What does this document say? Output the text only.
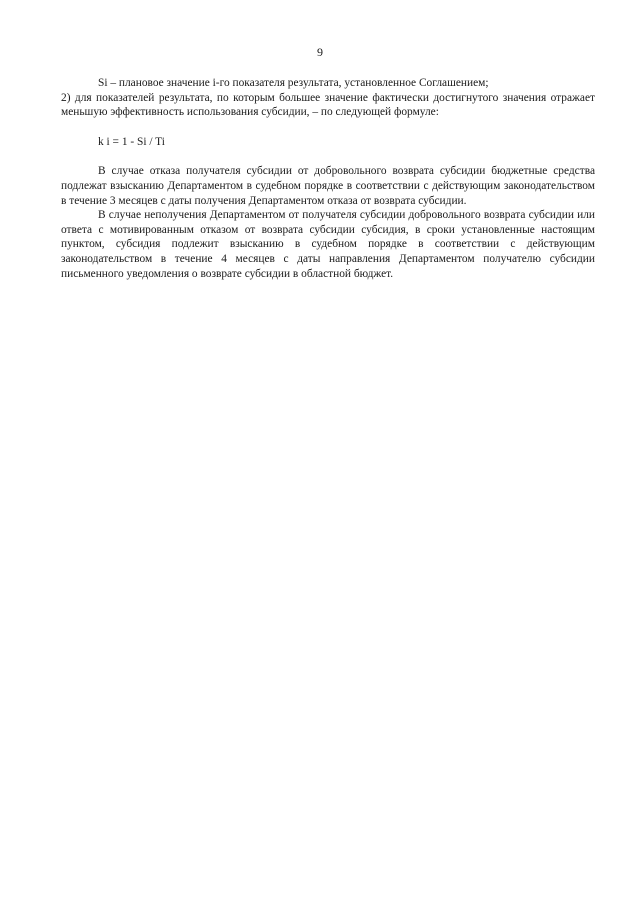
9

Si – плановое значение i-го показателя результата, установленное Соглашением;

2) для показателей результата, по которым большее значение фактически достигнутого значения отражает меньшую эффективность использования субсидии, – по следующей формуле:

k i = 1 - Si / Ti

В случае отказа получателя субсидии от добровольного возврата субсидии бюджетные средства подлежат взысканию Департаментом в судебном порядке в соответствии с действующим законодательством в течение 3 месяцев с даты получения Департаментом отказа от возврата субсидии.

В случае неполучения Департаментом от получателя субсидии добровольного возврата субсидии или ответа с мотивированным отказом от возврата субсидии субсидия, в сроки установленные настоящим пунктом, субсидия подлежит взысканию в судебном порядке в соответствии с действующим законодательством в течение 4 месяцев с даты направления Департаментом получателю субсидии письменного уведомления о возврате субсидии в областной бюджет.
